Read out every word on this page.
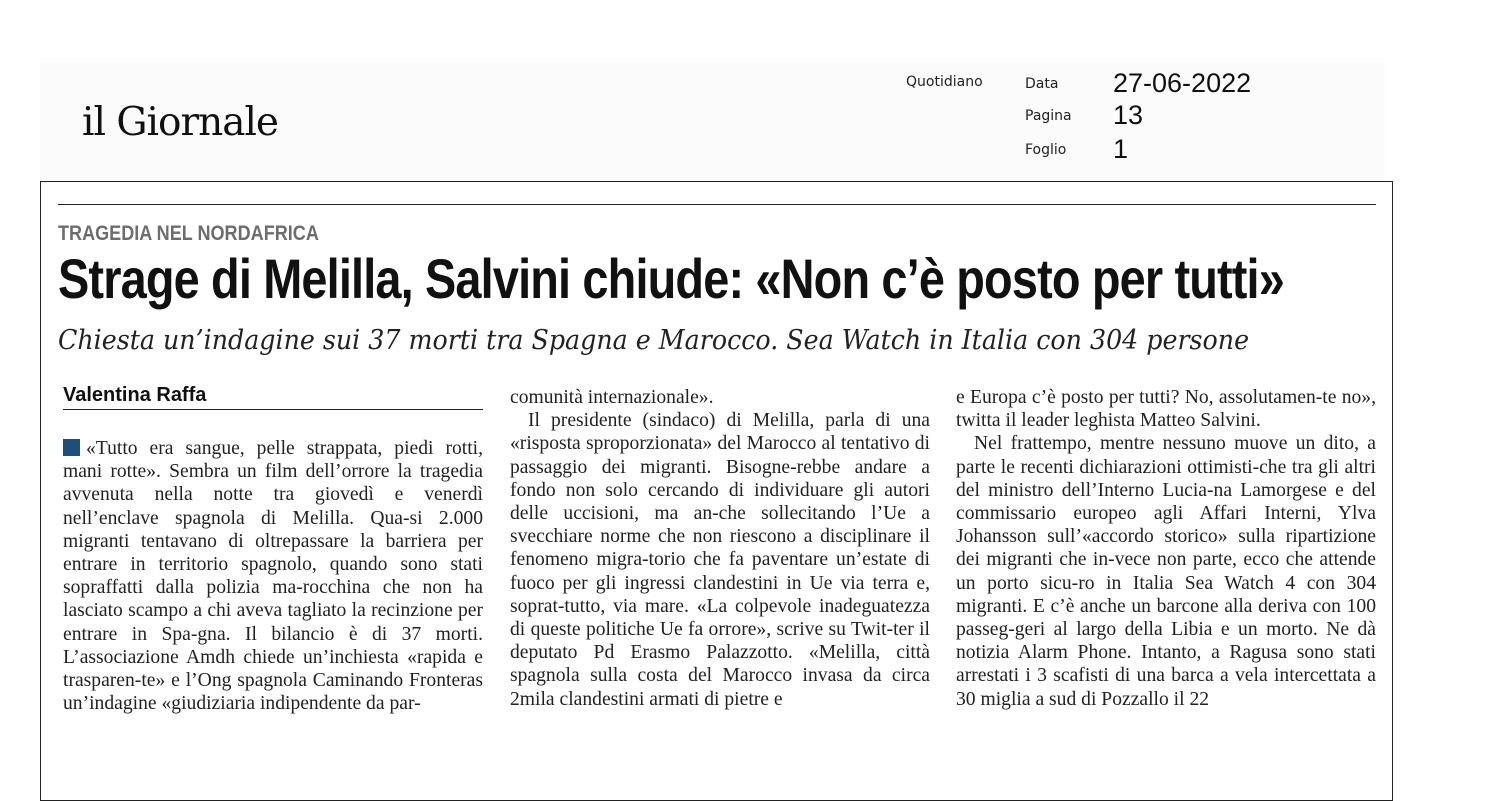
il Giornale
Quotidiano	Data 27-06-2022
Pagina 13
Foglio 1
TRAGEDIA NEL NORDAFRICA
Strage di Melilla, Salvini chiude: «Non c’è posto per tutti»
Chiesta un’indagine sui 37 morti tra Spagna e Marocco. Sea Watch in Italia con 304 persone
Valentina Raffa

«Tutto era sangue, pelle strappata, piedi rotti, mani rotte». Sembra un film dell’orrore la tragedia avvenuta nella notte tra giovedì e venerdì nell’enclave spagnola di Melilla. Qua-si 2.000 migranti tentavano di oltrepassare la barriera per entrare in territorio spagnolo, quando sono stati sopraffatti dalla polizia ma-rocchina che non ha lasciato scampo a chi aveva tagliato la recinzione per entrare in Spa-gna. Il bilancio è di 37 morti. L’associazione Amdh chiede un’inchiesta «rapida e trasparen-te» e l’Ong spagnola Caminando Fronteras un’indagine «giudiziaria indipendente da par-

comunità internazionale».

Il presidente (sindaco) di Melilla, parla di una «risposta sproporzionata» del Marocco al tentativo di passaggio dei migranti. Bisogne-rebbe andare a fondo non solo cercando di individuare gli autori delle uccisioni, ma an-che sollecitando l’Ue a svecchiare norme che non riescono a disciplinare il fenomeno migra-torio che fa paventare un’estate di fuoco per gli ingressi clandestini in Ue via terra e, soprat-tutto, via mare. «La colpevole inadeguatezza di queste politiche Ue fa orrore», scrive su Twit-ter il deputato Pd Erasmo Palazzotto. «Melilla, città spagnola sulla costa del Marocco invasa da circa 2mila clandestini armati di pietre e

e Europa c’è posto per tutti? No, assolutamen-te no», twitta il leader leghista Matteo Salvini.

Nel frattempo, mentre nessuno muove un dito, a parte le recenti dichiarazioni ottimisti-che tra gli altri del ministro dell’Interno Lucia-na Lamorgese e del commissario europeo agli Affari Interni, Ylva Johansson sull’«accordo storico» sulla ripartizione dei migranti che in-vece non parte, ecco che attende un porto sicu-ro in Italia Sea Watch 4 con 304 migranti. E c’è anche un barcone alla deriva con 100 passeg-geri al largo della Libia e un morto. Ne dà notizia Alarm Phone. Intanto, a Ragusa sono stati arrestati i 3 scafisti di una barca a vela intercettata a 30 miglia a sud di Pozzallo il 22
